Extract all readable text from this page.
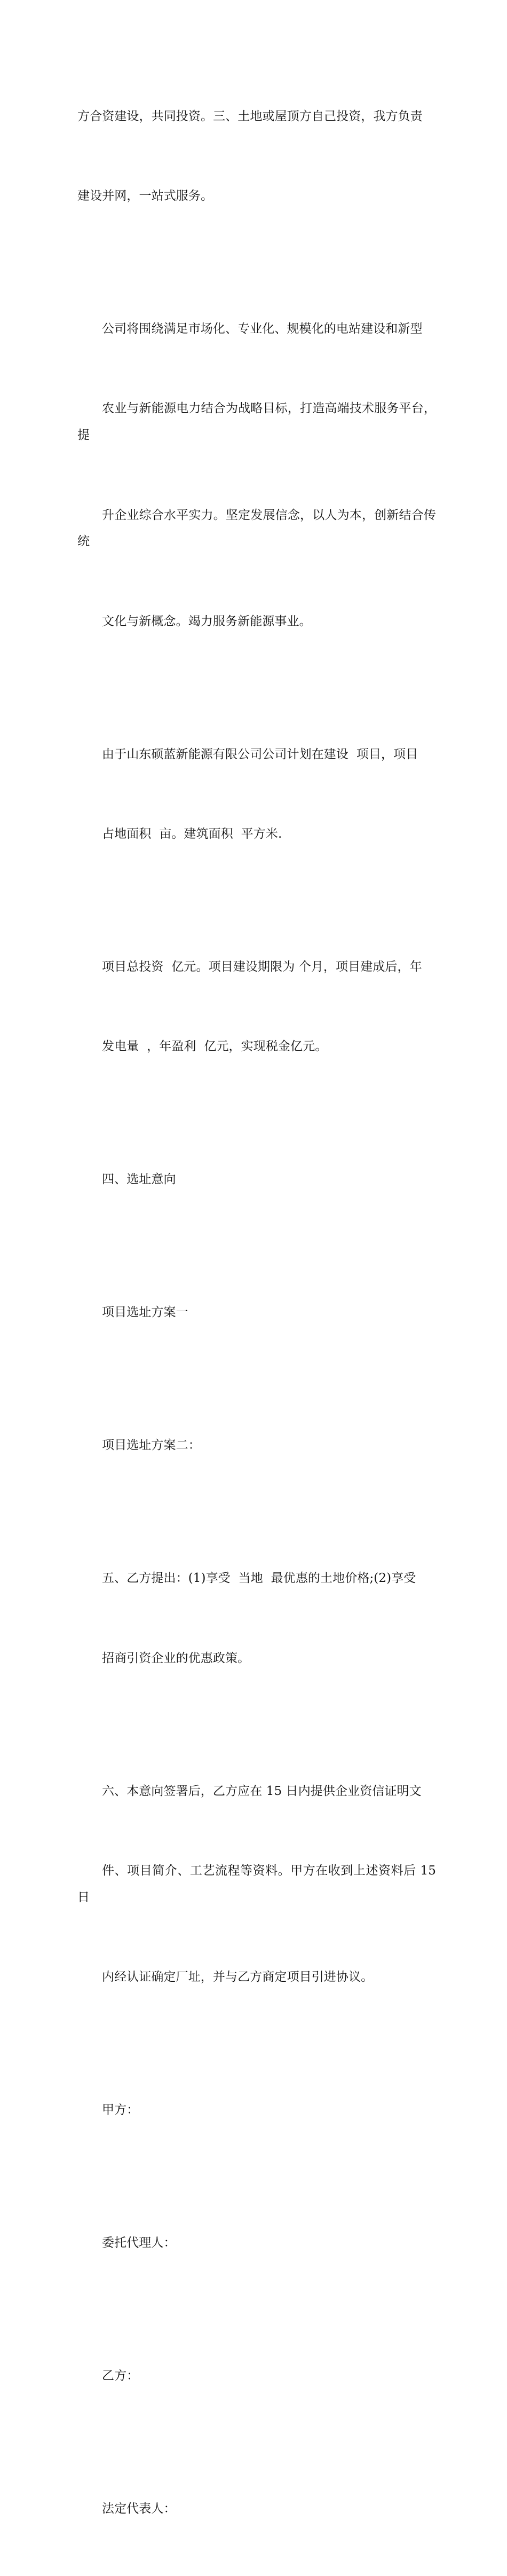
方合资建设，共同投资。三、土地或屋顶方自己投资，我方负责

建设并网，一站式服务。

公司将围绕满足市场化、专业化、规模化的电站建设和新型

农业与新能源电力结合为战略目标，打造高端技术服务平台，提

升企业综合水平实力。坚定发展信念，以人为本，创新结合传统

文化与新概念。竭力服务新能源事业。

由于山东硕蓝新能源有限公司公司计划在建设  项目，项目

占地面积  亩。建筑面积  平方米.

项目总投资  亿元。项目建设期限为 个月，项目建成后，年

发电量  ，年盈利  亿元，实现税金亿元。

四、选址意向

项目选址方案一

项目选址方案二：

五、乙方提出：(1)享受  当地  最优惠的土地价格;(2)享受

招商引资企业的优惠政策。

六、本意向签署后，乙方应在 15 日内提供企业资信证明文

件、项目简介、工艺流程等资料。甲方在收到上述资料后 15 日

内经认证确定厂址，并与乙方商定项目引进协议。

甲方：

委托代理人：

乙方：

法定代表人：
